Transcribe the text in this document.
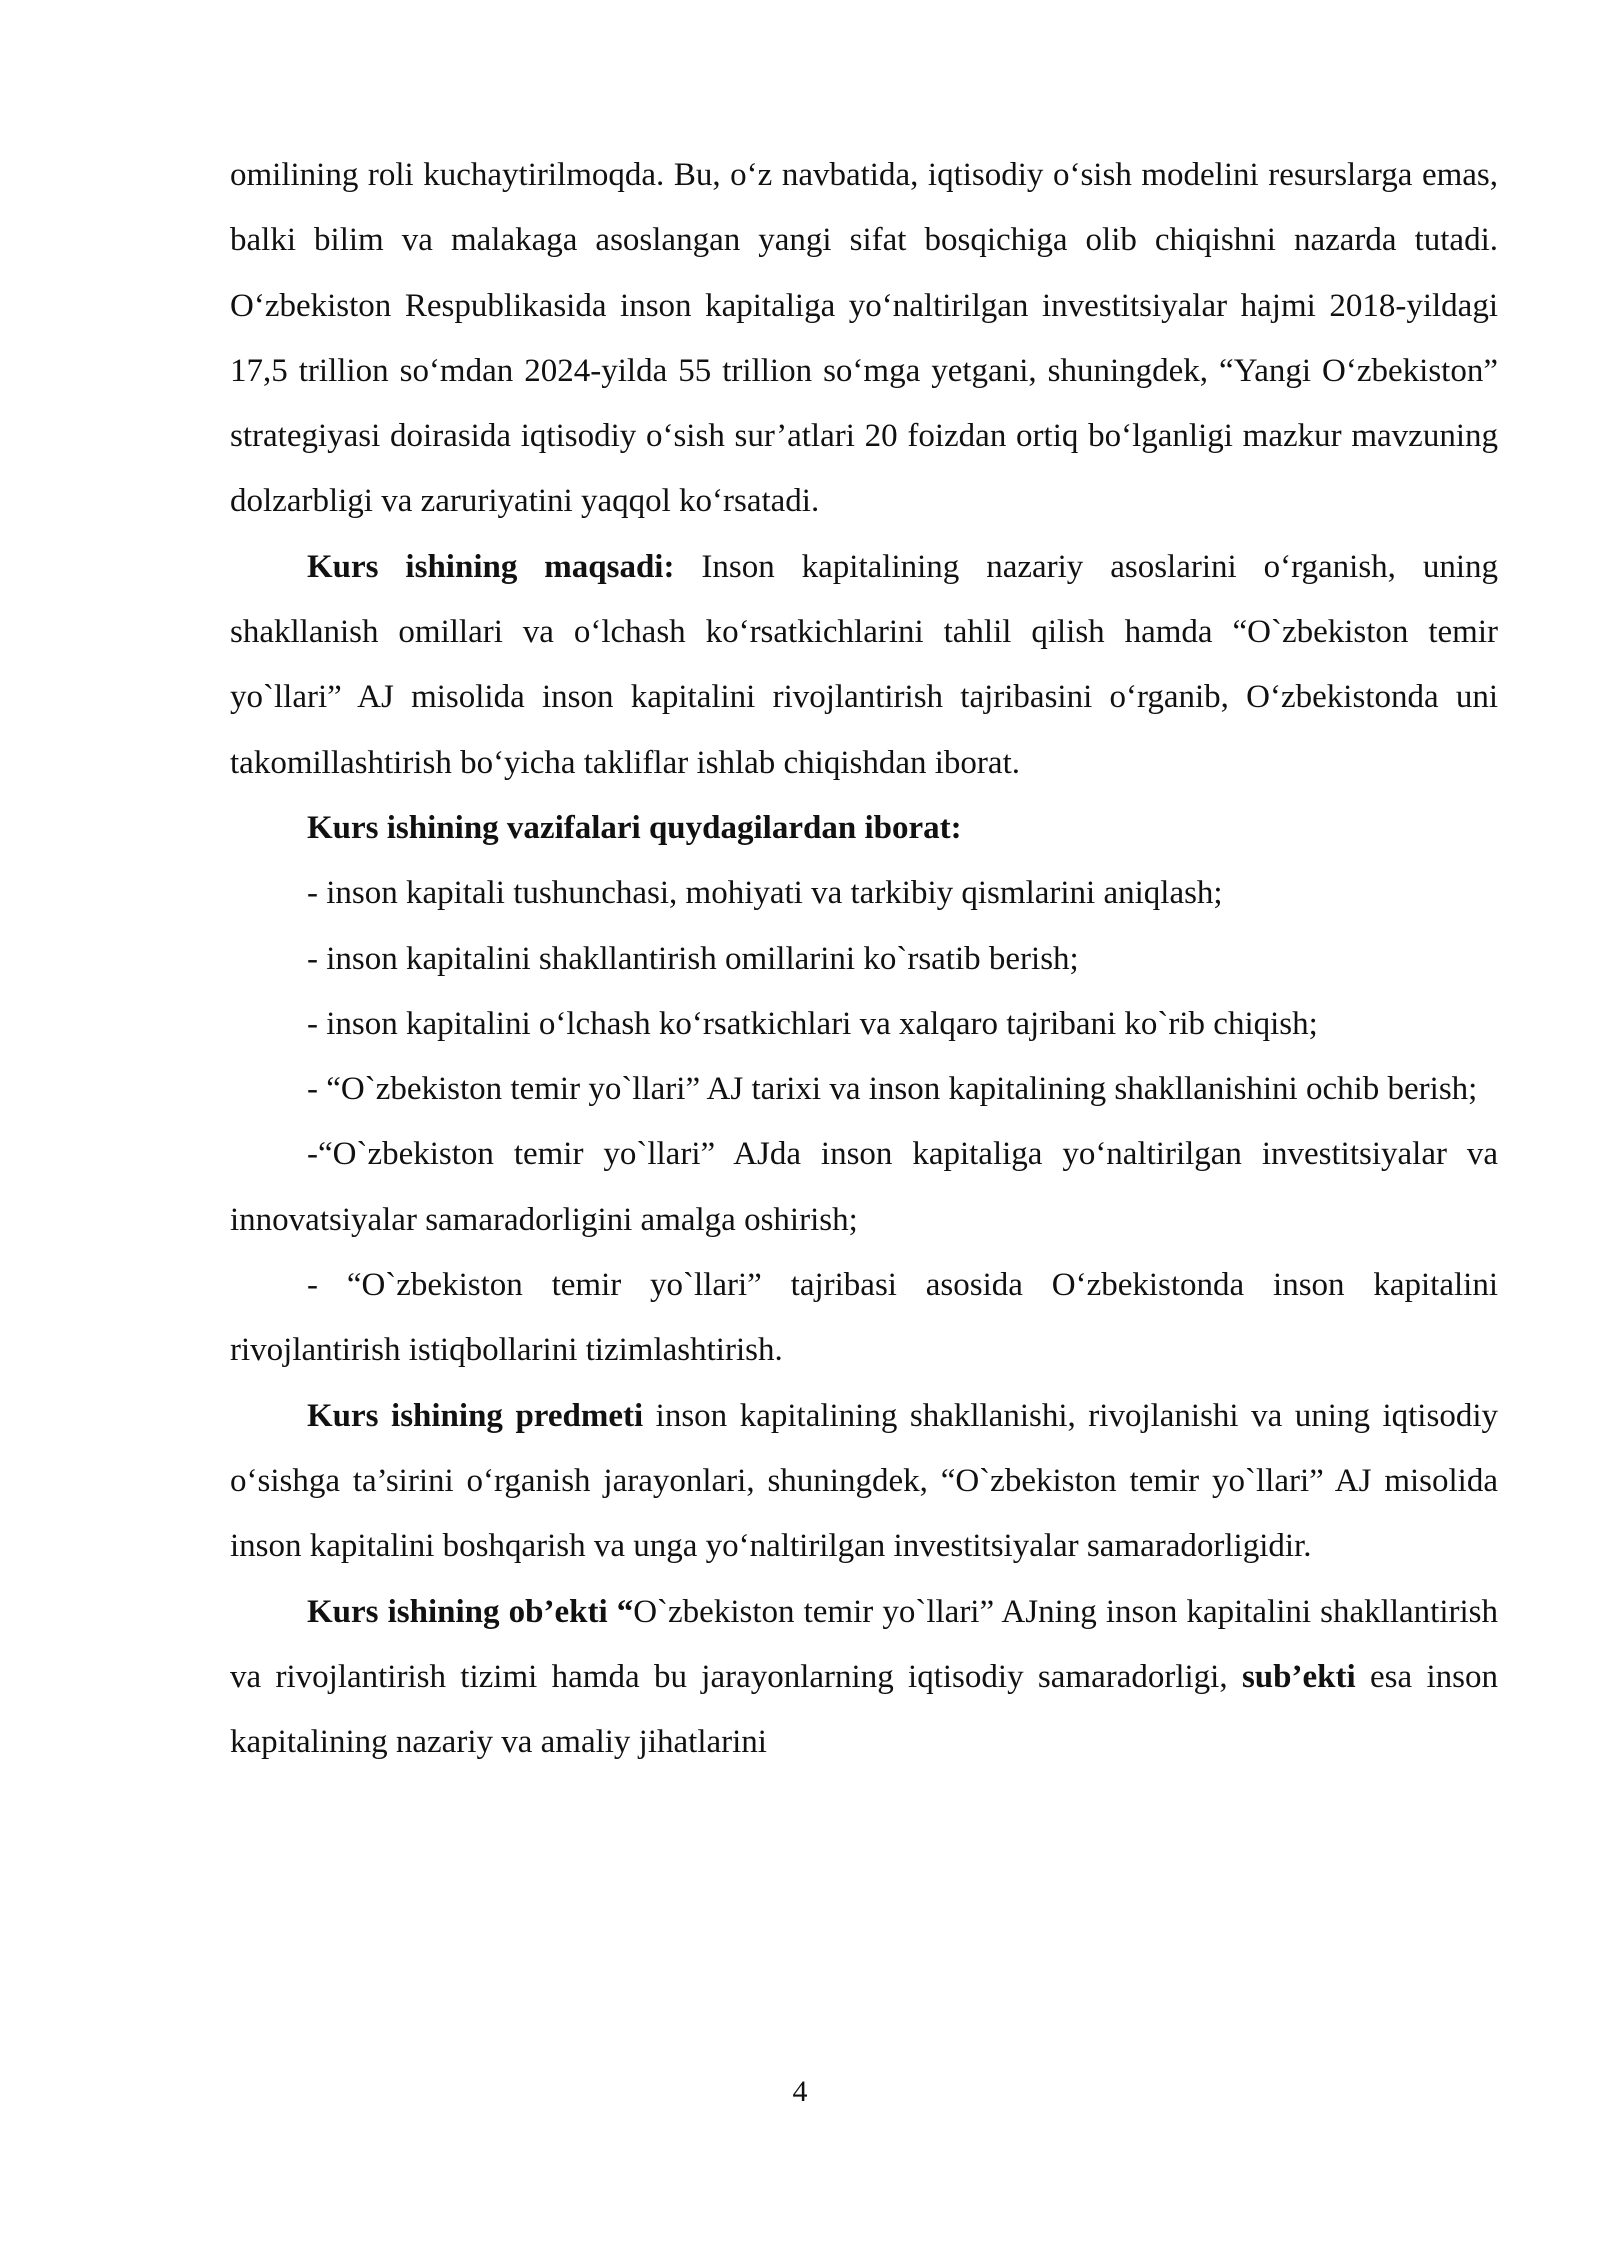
omilining roli kuchaytirilmoqda. Bu, o‘z navbatida, iqtisodiy o‘sish modelini resurslarga emas, balki bilim va malakaga asoslangan yangi sifat bosqichiga olib chiqishni nazarda tutadi. O‘zbekiston Respublikasida inson kapitaliga yo‘naltirilgan investitsiyalar hajmi 2018-yildagi 17,5 trillion so‘mdan 2024-yilda 55 trillion so‘mga yetgani, shuningdek, “Yangi O‘zbekiston” strategiyasi doirasida iqtisodiy o‘sish sur’atlari 20 foizdan ortiq bo‘lganligi mazkur mavzuning dolzarbligi va zaruriyatini yaqqol ko‘rsatadi.

Kurs ishining maqsadi: Inson kapitalining nazariy asoslarini o‘rganish, uning shakllanish omillari va o‘lchash ko‘rsatkichlarini tahlil qilish hamda “O`zbekiston temir yo`llari” AJ misolida inson kapitalini rivojlantirish tajribasini o‘rganib, O‘zbekistonda uni takomillashtirish bo‘yicha takliflar ishlab chiqishdan iborat.

Kurs ishining vazifalari quydagilardan iborat:

- inson kapitali tushunchasi, mohiyati va tarkibiy qismlarini aniqlash;

- inson kapitalini shakllantirish omillarini ko`rsatib berish;

- inson kapitalini o‘lchash ko‘rsatkichlari va xalqaro tajribani ko`rib chiqish;

- “O`zbekiston temir yo`llari” AJ tarixi va inson kapitalining shakllanishini ochib berish;

-“O`zbekiston temir yo`llari” AJda inson kapitaliga yo‘naltirilgan investitsiyalar va innovatsiyalar samaradorligini amalga oshirish;

- “O`zbekiston temir yo`llari” tajribasi asosida O‘zbekistonda inson kapitalini rivojlantirish istiqbollarini tizimlashtirish.

Kurs ishining predmeti inson kapitalining shakllanishi, rivojlanishi va uning iqtisodiy o‘sishga ta’sirini o‘rganish jarayonlari, shuningdek, “O`zbekiston temir yo`llari” AJ misolida inson kapitalini boshqarish va unga yo‘naltirilgan investitsiyalar samaradorligidir.

Kurs ishining ob’ekti “O`zbekiston temir yo`llari” AJning inson kapitalini shakllantirish va rivojlantirish tizimi hamda bu jarayonlarning iqtisodiy samaradorligi, sub’ekti esa inson kapitalining nazariy va amaliy jihatlarini

4
